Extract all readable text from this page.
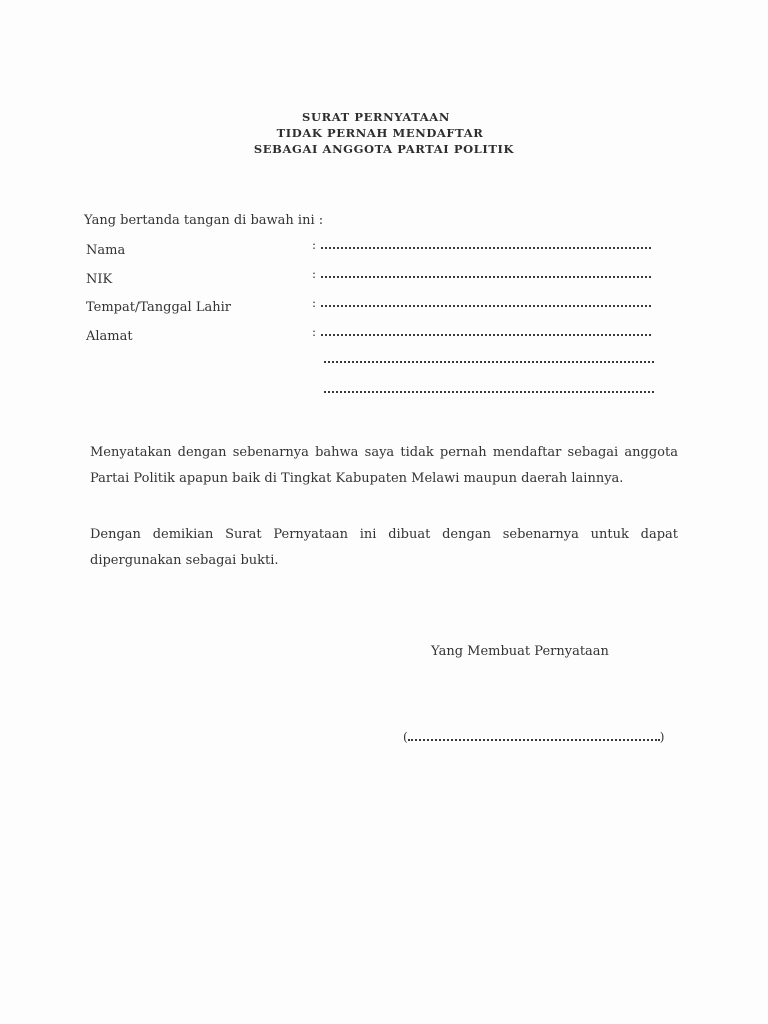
SURAT PERNYATAAN
TIDAK PERNAH MENDAFTAR
SEBAGAI ANGGOTA PARTAI POLITIK
Yang bertanda tangan di bawah ini :
Nama	:
NIK	:
Tempat/Tanggal Lahir	:
Alamat	:
Menyatakan dengan sebenarnya bahwa saya tidak pernah mendaftar sebagai anggota Partai Politik apapun baik di Tingkat Kabupaten Melawi maupun daerah lainnya.
Dengan demikian Surat Pernyataan ini dibuat dengan sebenarnya untuk dapat dipergunakan sebagai bukti.
Yang Membuat Pernyataan
(	)
